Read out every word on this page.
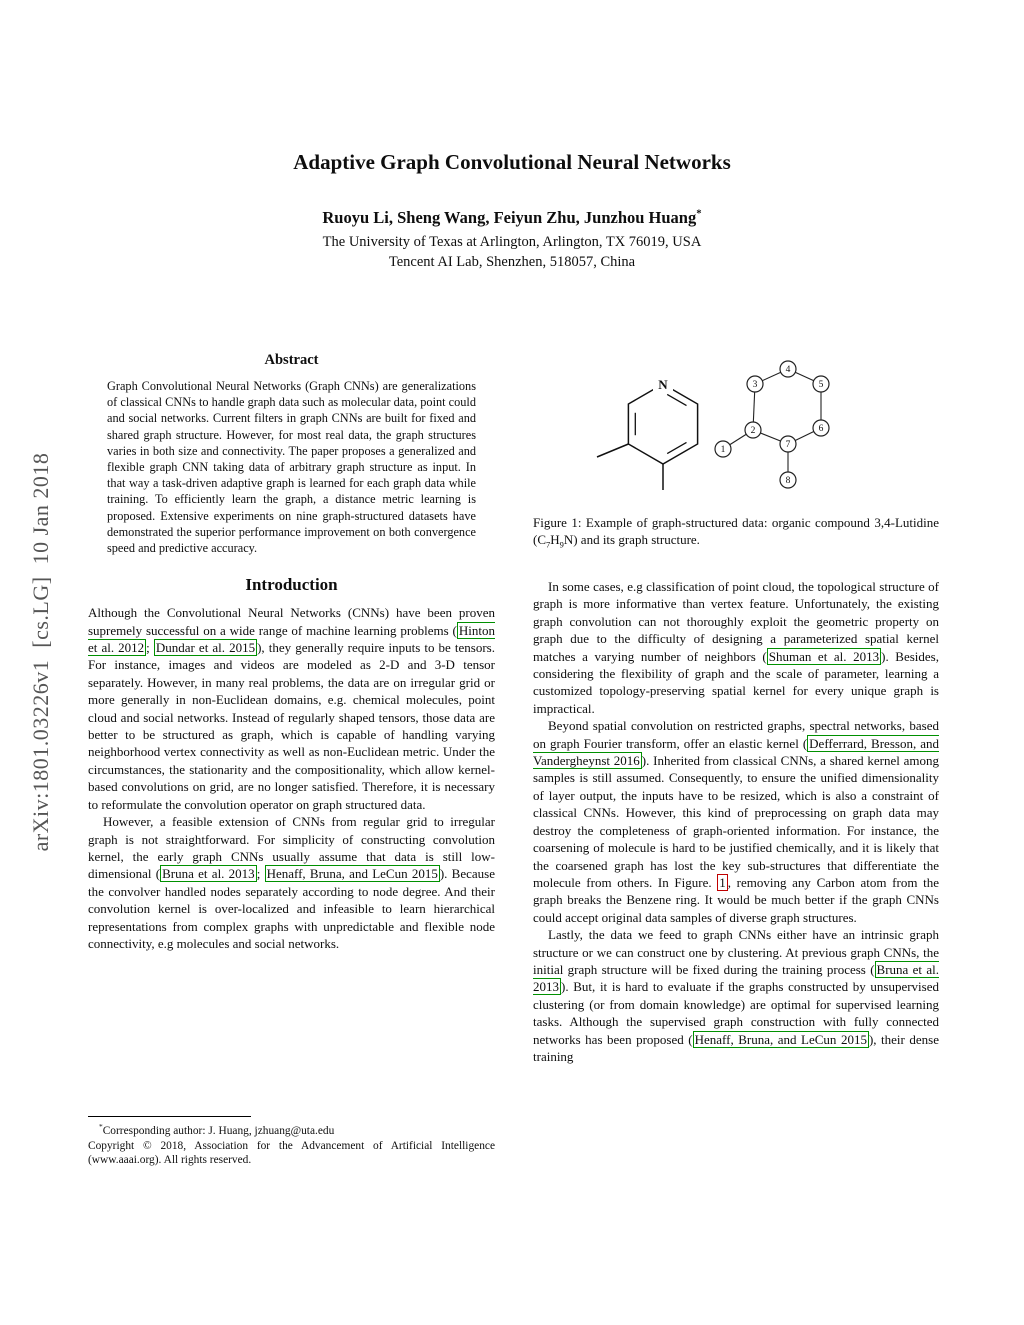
arXiv:1801.03226v1  [cs.LG]  10 Jan 2018
Adaptive Graph Convolutional Neural Networks
Ruoyu Li, Sheng Wang, Feiyun Zhu, Junzhou Huang*
The University of Texas at Arlington, Arlington, TX 76019, USA
Tencent AI Lab, Shenzhen, 518057, China
Abstract

Graph Convolutional Neural Networks (Graph CNNs) are generalizations of classical CNNs to handle graph data such as molecular data, point could and social networks. Current filters in graph CNNs are built for fixed and shared graph structure. However, for most real data, the graph structures varies in both size and connectivity. The paper proposes a generalized and flexible graph CNN taking data of arbitrary graph structure as input. In that way a task-driven adaptive graph is learned for each graph data while training. To efficiently learn the graph, a distance metric learning is proposed. Extensive experiments on nine graph-structured datasets have demonstrated the superior performance improvement on both convergence speed and predictive accuracy.

Introduction

Although the Convolutional Neural Networks (CNNs) have been proven supremely successful on a wide range of machine learning problems ( Hinton et al. 2012 ; Dundar et al. 2015 ), they generally require inputs to be tensors. For instance, images and videos are modeled as 2-D and 3-D tensor separately. However, in many real problems, the data are on irregular grid or more generally in non-Euclidean domains, e.g. chemical molecules, point cloud and social networks. Instead of regularly shaped tensors, those data are better to be structured as graph, which is capable of handling varying neighborhood vertex connectivity as well as non-Euclidean metric. Under the circumstances, the stationarity and the compositionality, which allow kernel-based convolutions on grid, are no longer satisfied. Therefore, it is necessary to reformulate the convolution operator on graph structured data.

However, a feasible extension of CNNs from regular grid to irregular graph is not straightforward. For simplicity of constructing convolution kernel, the early graph CNNs usually assume that data is still low-dimensional ( Bruna et al. 2013 ; Henaff, Bruna, and LeCun 2015 ). Because the convolver handled nodes separately according to node degree. And their convolution kernel is over-localized and infeasible to learn hierarchical representations from complex graphs with unpredictable and flexible node connectivity, e.g molecules and social networks.

*Corresponding author: J. Huang, jzhuang@uta.edu

Copyright © 2018, Association for the Advancement of Artificial Intelligence (www.aaai.org). All rights reserved.

N
1
2
3
4
5
6
7
8
Figure 1: Example of graph-structured data: organic compound 3,4-Lutidine $(C_7H_9N)$ and its graph structure.

In some cases, e.g classification of point cloud, the topological structure of graph is more informative than vertex feature. Unfortunately, the existing graph convolution can not thoroughly exploit the geometric property on graph due to the difficulty of designing a parameterized spatial kernel matches a varying number of neighbors ( Shuman et al. 2013 ). Besides, considering the flexibility of graph and the scale of parameter, learning a customized topology-preserving spatial kernel for every unique graph is impractical.

Beyond spatial convolution on restricted graphs, spectral networks, based on graph Fourier transform, offer an elastic kernel ( Defferrard, Bresson, and Vandergheynst 2016 ). Inherited from classical CNNs, a shared kernel among samples is still assumed. Consequently, to ensure the unified dimensionality of layer output, the inputs have to be resized, which is also a constraint of classical CNNs. However, this kind of preprocessing on graph data may destroy the completeness of graph-oriented information. For instance, the coarsening of molecule is hard to be justified chemically, and it is likely that the coarsened graph has lost the key sub-structures that differentiate the molecule from others. In Figure. 1 , removing any Carbon atom from the graph breaks the Benzene ring. It would be much better if the graph CNNs could accept original data samples of diverse graph structures.

Lastly, the data we feed to graph CNNs either have an intrinsic graph structure or we can construct one by clustering. At previous graph CNNs, the initial graph structure will be fixed during the training process ( Bruna et al. 2013 ). But, it is hard to evaluate if the graphs constructed by unsupervised clustering (or from domain knowledge) are optimal for supervised learning tasks. Although the supervised graph construction with fully connected networks has been proposed ( Henaff, Bruna, and LeCun 2015 ), their dense training
